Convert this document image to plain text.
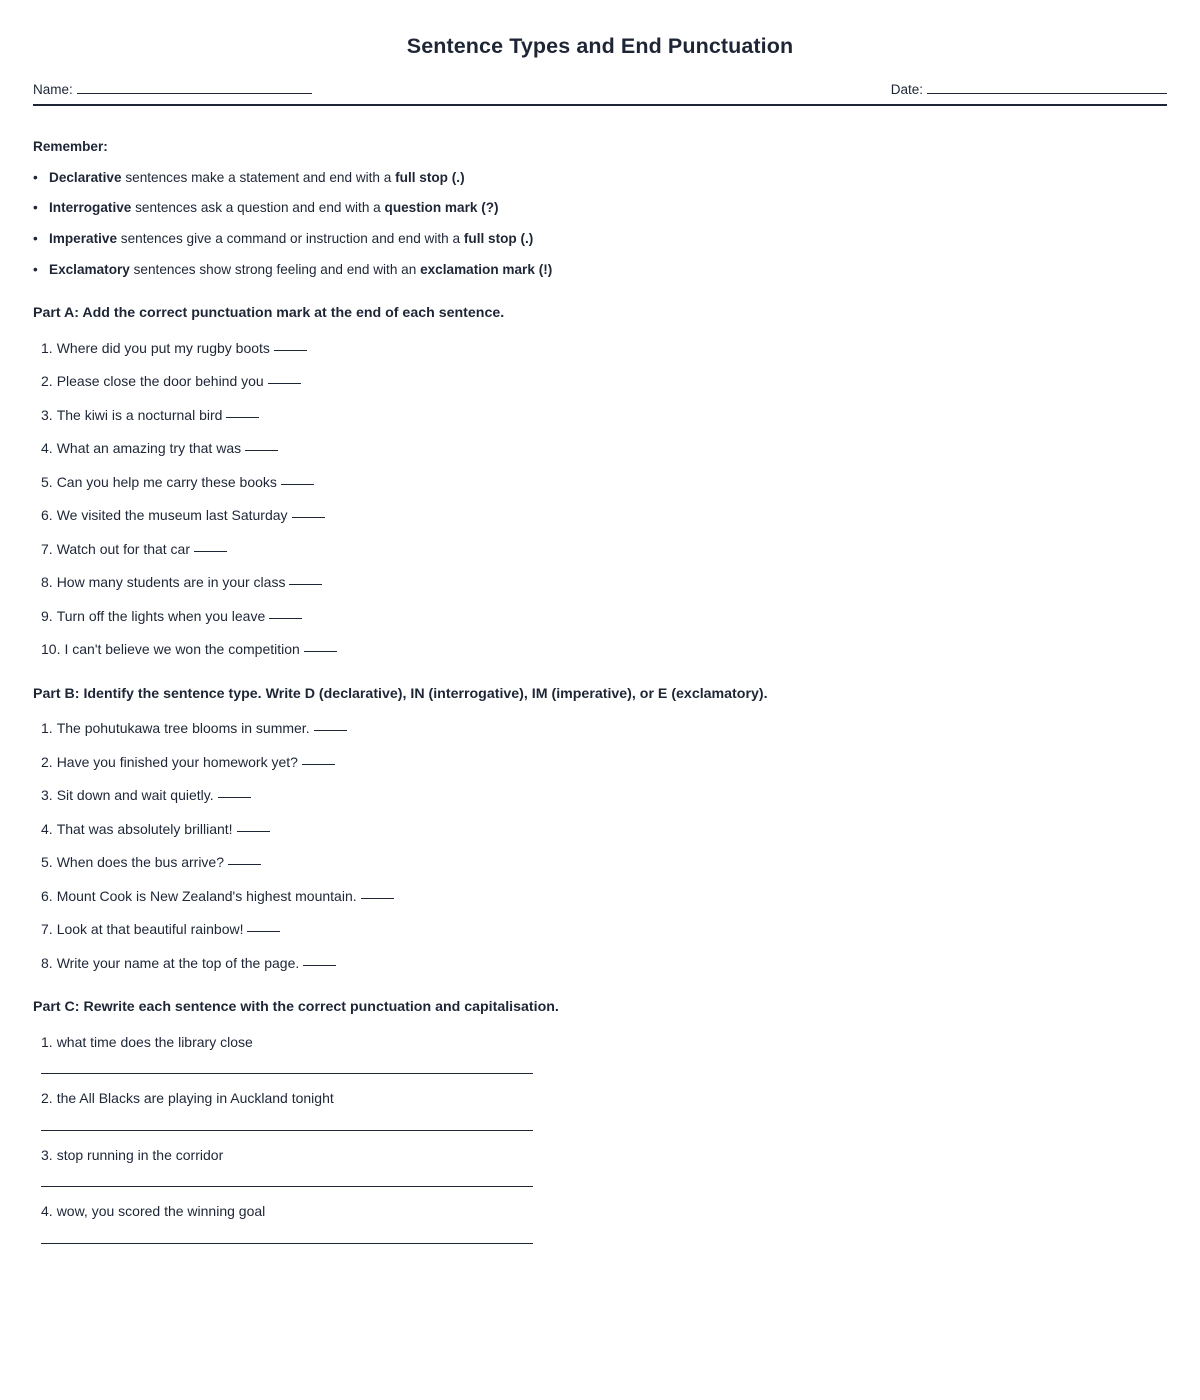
Sentence Types and End Punctuation
Name:	Date:
Remember:
• Declarative sentences make a statement and end with a full stop (.)
• Interrogative sentences ask a question and end with a question mark (?)
• Imperative sentences give a command or instruction and end with a full stop (.)
• Exclamatory sentences show strong feeling and end with an exclamation mark (!)
Part A: Add the correct punctuation mark at the end of each sentence.
1. Where did you put my rugby boots
2. Please close the door behind you
3. The kiwi is a nocturnal bird
4. What an amazing try that was
5. Can you help me carry these books
6. We visited the museum last Saturday
7. Watch out for that car
8. How many students are in your class
9. Turn off the lights when you leave
10. I can't believe we won the competition
Part B: Identify the sentence type. Write D (declarative), IN (interrogative), IM (imperative), or E (exclamatory).
1. The pohutukawa tree blooms in summer.
2. Have you finished your homework yet?
3. Sit down and wait quietly.
4. That was absolutely brilliant!
5. When does the bus arrive?
6. Mount Cook is New Zealand's highest mountain.
7. Look at that beautiful rainbow!
8. Write your name at the top of the page.
Part C: Rewrite each sentence with the correct punctuation and capitalisation.
1. what time does the library close
2. the All Blacks are playing in Auckland tonight
3. stop running in the corridor
4. wow, you scored the winning goal
